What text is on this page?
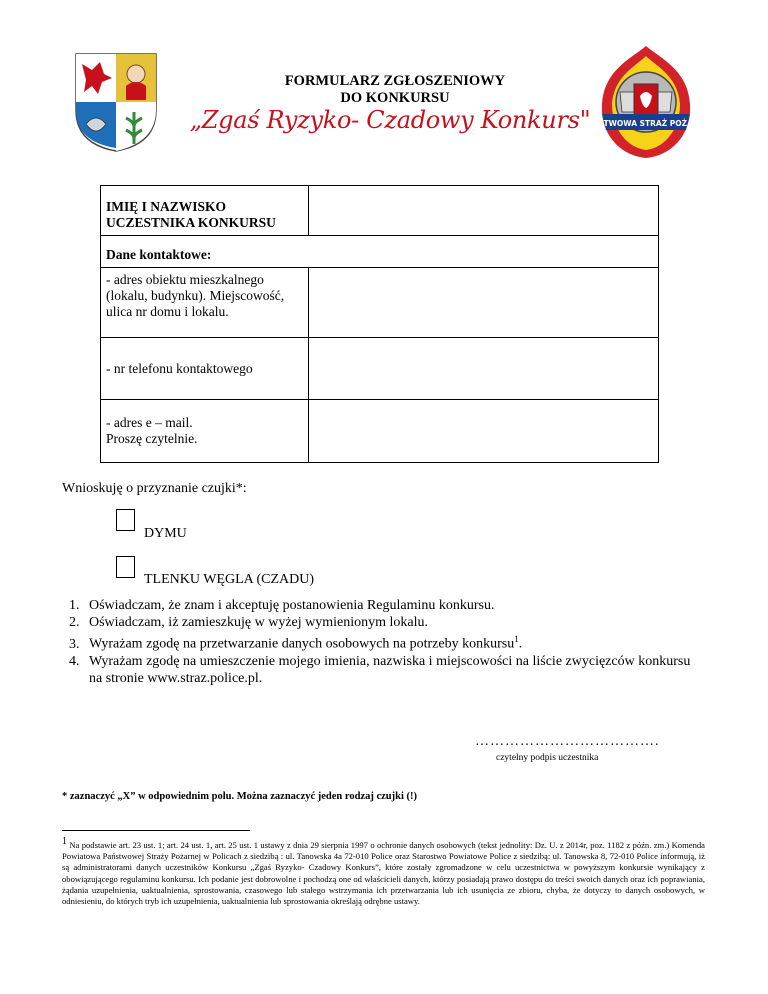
FORMULARZ ZGŁOSZENIOWY
DO KONKURSU
„Zgaś Ryzyko- Czadowy Konkurs"
PAŃSTWOWA STRAŻ POŻARNA
IMIĘ I NAZWISKO UCZESTNIKA KONKURSU	
Dane kontaktowe:	
- adres obiektu mieszkalnego (lokalu, budynku). Miejscowość, ulica nr domu i lokalu.	
- nr telefonu kontaktowego	
- adres e – mail.
Proszę czytelnie.	
Wnioskuję o przyznanie czujki*:
DYMU
TLENKU WĘGLA (CZADU)
1. Oświadczam, że znam i akceptuję postanowienia Regulaminu konkursu.
2. Oświadczam, iż zamieszkuję w wyżej wymienionym lokalu.
3. Wyrażam zgodę na przetwarzanie danych osobowych na potrzeby konkursu$^1$.
4. Wyrażam zgodę na umieszczenie mojego imienia, nazwiska i miejscowości na liście zwycięzców konkursu na stronie www.straz.police.pl.
……………………………….
czytelny podpis uczestnika
* zaznaczyć „X” w odpowiednim polu. Można zaznaczyć jeden rodzaj czujki (!)
$^1$ Na podstawie art. 23 ust. 1; art. 24 ust. 1, art. 25 ust. 1 ustawy z dnia 29 sierpnia 1997 o ochronie danych osobowych (tekst jednolity: Dz. U. z 2014r, poz. 1182 z późn. zm.) Komenda Powiatowa Państwowej Straży Pożarnej w Policach z siedzibą : ul. Tanowska 4a 72-010 Police oraz Starostwo Powiatowe Police z siedzibą: ul. Tanowska 8, 72-010 Police informują, iż są administratorami danych uczestników Konkursu „Zgaś Ryzyko- Czadowy Konkurs”, które zostały zgromadzone w celu uczestnictwa w powyższym konkursie wynikający z obowiązującego regulaminu konkursu. Ich podanie jest dobrowolne i pochodzą one od właścicieli danych, którzy posiadają prawo dostępu do treści swoich danych oraz ich poprawiania, żądania uzupełnienia, uaktualnienia, sprostowania, czasowego lub stałego wstrzymania ich przetwarzania lub ich usunięcia ze zbioru, chyba, że dotyczy to danych osobowych, w odniesieniu, do których tryb ich uzupełnienia, uaktualnienia lub sprostowania określają odrębne ustawy.
